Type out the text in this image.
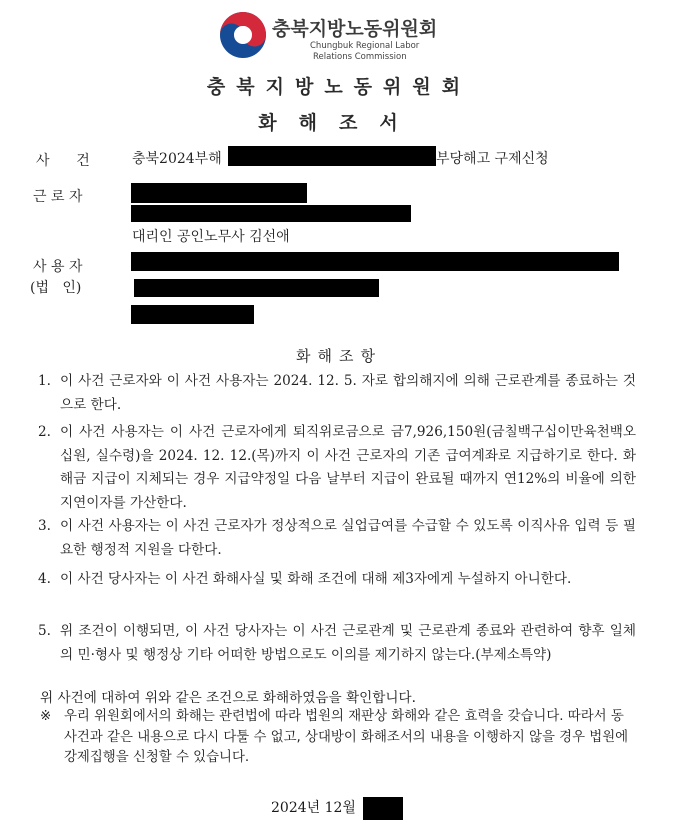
충북지방노동위원회
Chungbuk Regional Labor
Relations Commission
충북지방노동위원회
화해조서
사      건	충북2024부해	부당해고 구제신청
근 로 자
대리인 공인노무사 김선애
사 용 자
(법   인)
화해조항
1. 이 사건 근로자와 이 사건 사용자는 2024. 12. 5. 자로 합의해지에 의해 근로관계를 종료하는 것으로 한다.
2. 이 사건 사용자는 이 사건 근로자에게 퇴직위로금으로 금7,926,150원(금칠백구십이만육천백오십원, 실수령)을 2024. 12. 12.(목)까지 이 사건 근로자의 기존 급여계좌로 지급하기로 한다. 화해금 지급이 지체되는 경우 지급약정일 다음 날부터 지급이 완료될 때까지 연12%의 비율에 의한 지연이자를 가산한다.
3. 이 사건 사용자는 이 사건 근로자가 정상적으로 실업급여를 수급할 수 있도록 이직사유 입력 등 필요한 행정적 지원을 다한다.
4. 이 사건 당사자는 이 사건 화해사실 및 화해 조건에 대해 제3자에게 누설하지 아니한다.
5. 위 조건이 이행되면, 이 사건 당사자는 이 사건 근로관계 및 근로관계 종료와 관련하여 향후 일체의 민·형사 및 행정상 기타 어떠한 방법으로도 이의를 제기하지 않는다.(부제소특약)
위 사건에 대하여 위와 같은 조건으로 화해하였음을 확인합니다.
※ 우리 위원회에서의 화해는 관련법에 따라 법원의 재판상 화해와 같은 효력을 갖습니다. 따라서 동 사건과 같은 내용으로 다시 다툴 수 없고, 상대방이 화해조서의 내용을 이행하지 않을 경우 법원에 강제집행을 신청할 수 있습니다.
2024년 12월
